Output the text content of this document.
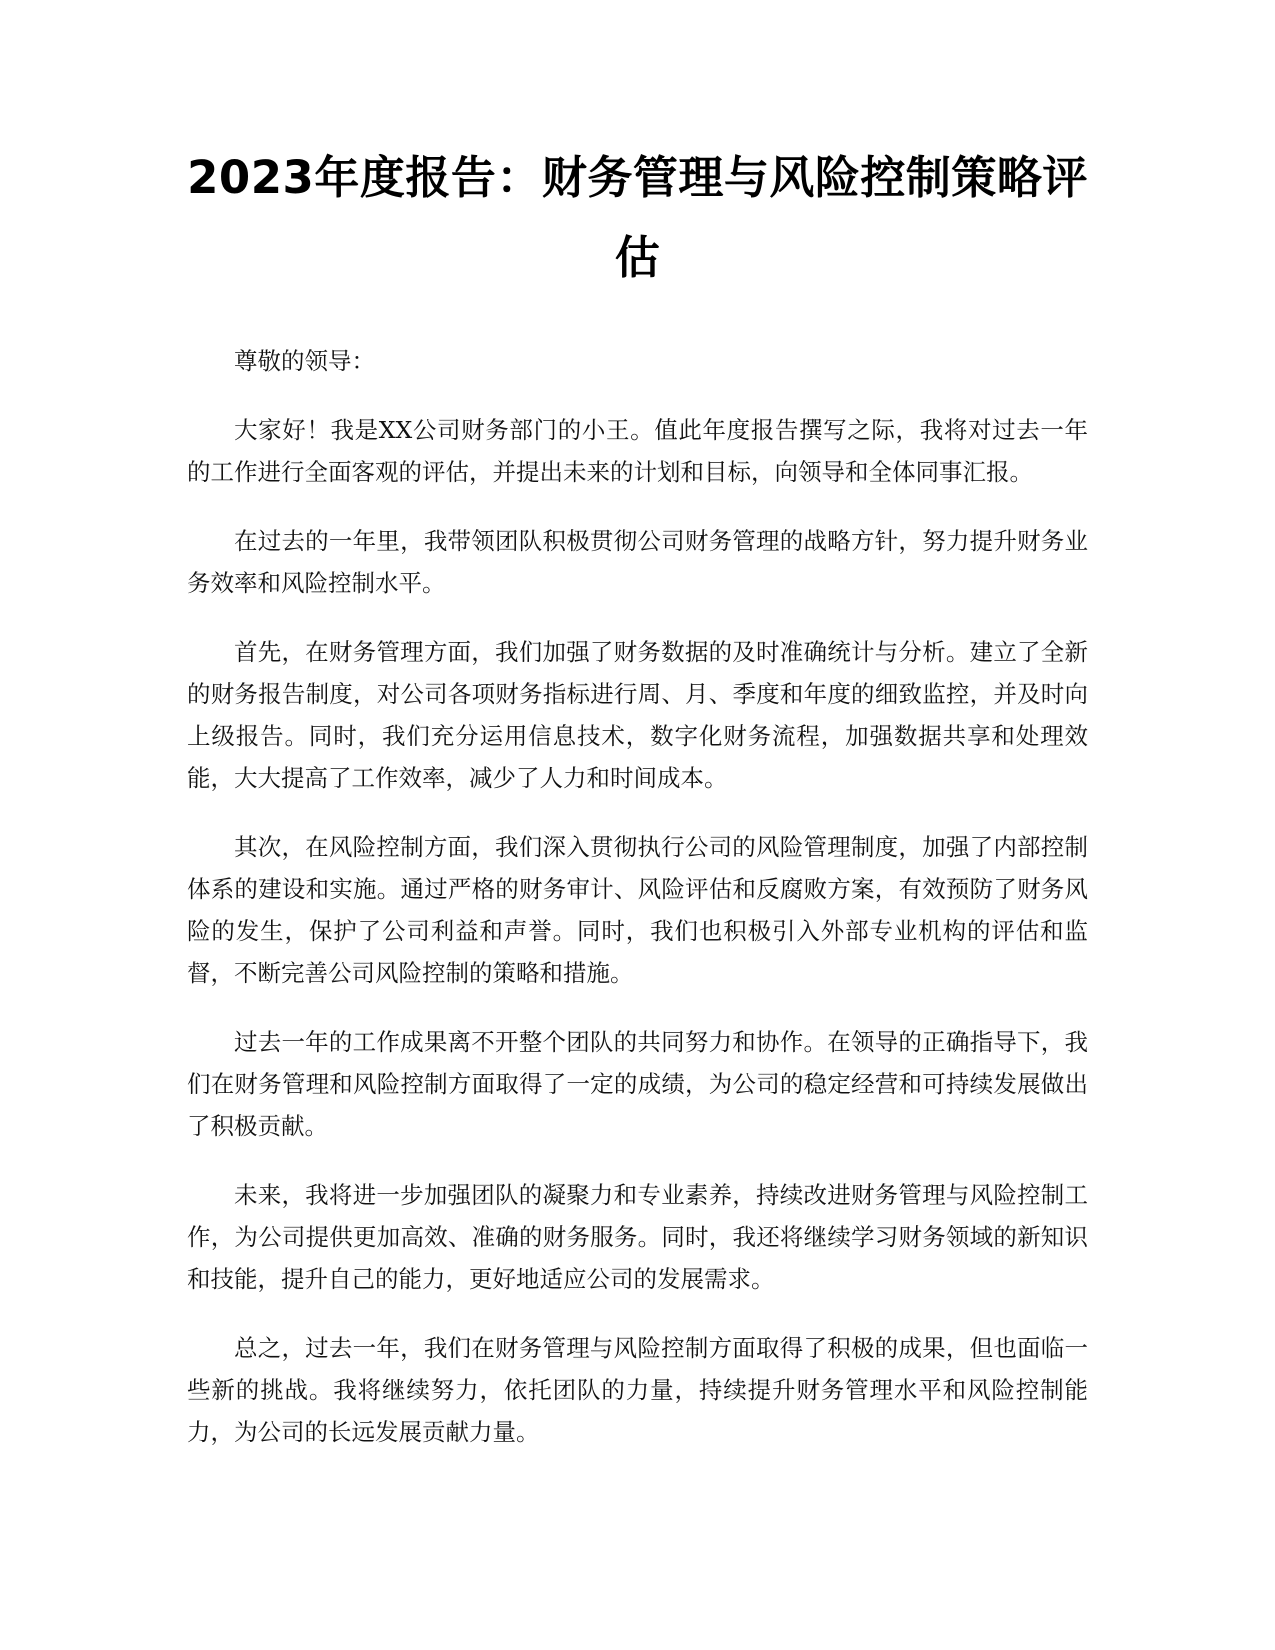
2023年度报告：财务管理与风险控制策略评估

尊敬的领导：

大家好！我是XX公司财务部门的小王。值此年度报告撰写之际，我将对过去一年的工作进行全面客观的评估，并提出未来的计划和目标，向领导和全体同事汇报。

在过去的一年里，我带领团队积极贯彻公司财务管理的战略方针，努力提升财务业务效率和风险控制水平。

首先，在财务管理方面，我们加强了财务数据的及时准确统计与分析。建立了全新的财务报告制度，对公司各项财务指标进行周、月、季度和年度的细致监控，并及时向上级报告。同时，我们充分运用信息技术，数字化财务流程，加强数据共享和处理效能，大大提高了工作效率，减少了人力和时间成本。

其次，在风险控制方面，我们深入贯彻执行公司的风险管理制度，加强了内部控制体系的建设和实施。通过严格的财务审计、风险评估和反腐败方案，有效预防了财务风险的发生，保护了公司利益和声誉。同时，我们也积极引入外部专业机构的评估和监督，不断完善公司风险控制的策略和措施。

过去一年的工作成果离不开整个团队的共同努力和协作。在领导的正确指导下，我们在财务管理和风险控制方面取得了一定的成绩，为公司的稳定经营和可持续发展做出了积极贡献。

未来，我将进一步加强团队的凝聚力和专业素养，持续改进财务管理与风险控制工作，为公司提供更加高效、准确的财务服务。同时，我还将继续学习财务领域的新知识和技能，提升自己的能力，更好地适应公司的发展需求。

总之，过去一年，我们在财务管理与风险控制方面取得了积极的成果，但也面临一些新的挑战。我将继续努力，依托团队的力量，持续提升财务管理水平和风险控制能力，为公司的长远发展贡献力量。
